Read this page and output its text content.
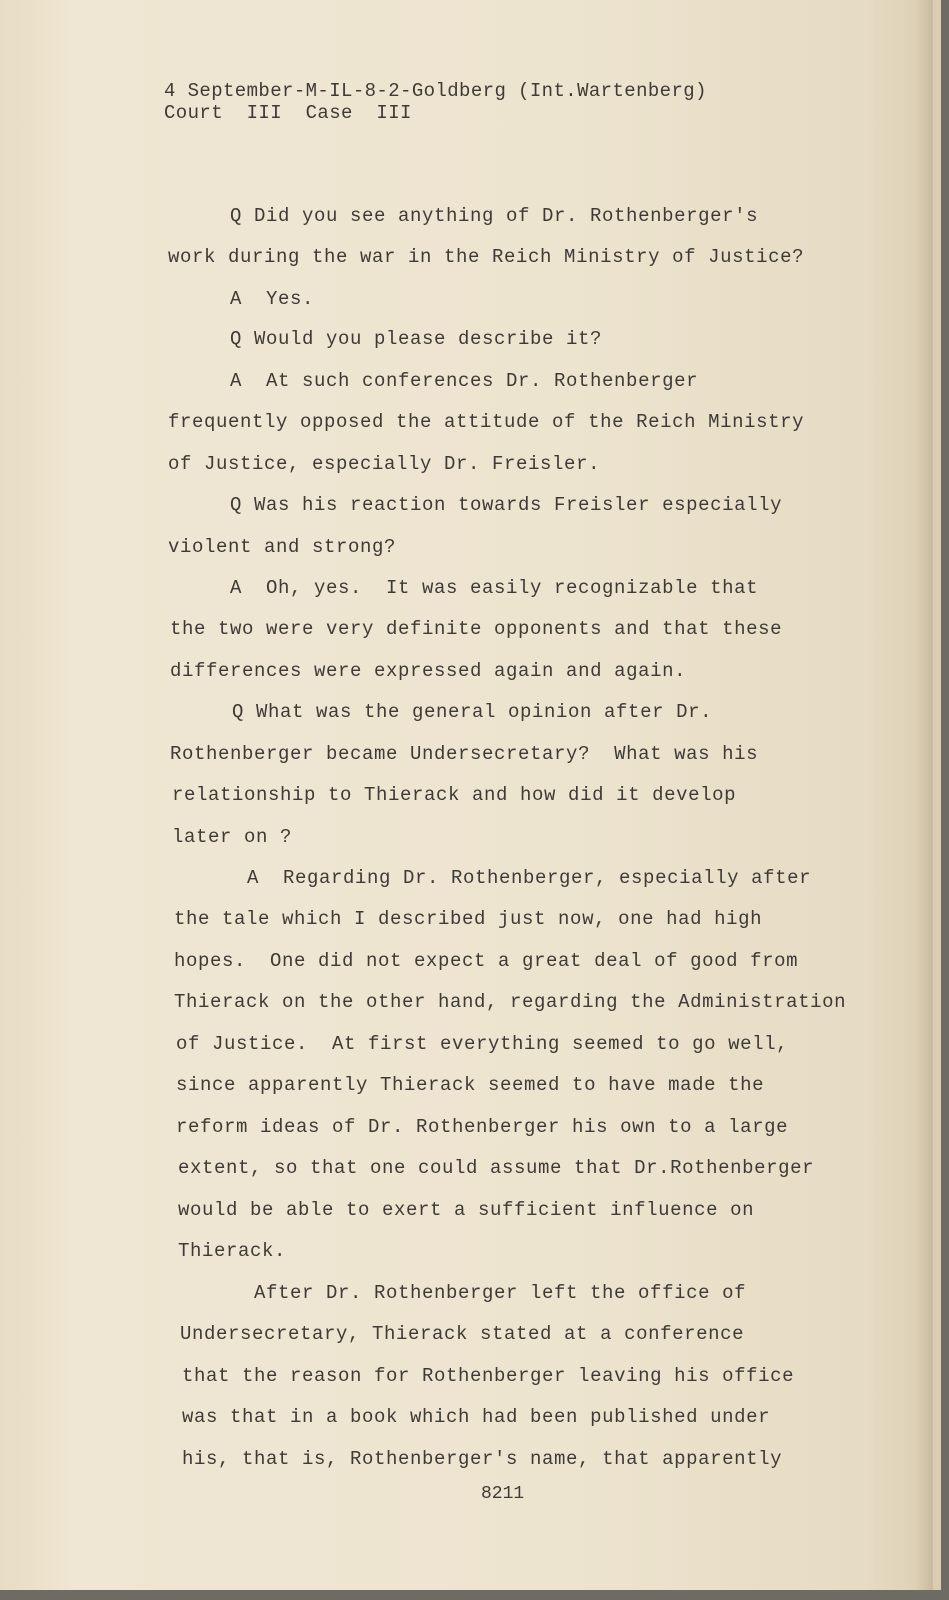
4 September-M-IL-8-2-Goldberg (Int.Wartenberg)
Court  III  Case  III
Q Did you see anything of Dr. Rothenberger's
work during the war in the Reich Ministry of Justice?
A  Yes.
Q Would you please describe it?
A  At such conferences Dr. Rothenberger
frequently opposed the attitude of the Reich Ministry
of Justice, especially Dr. Freisler.
Q Was his reaction towards Freisler especially
violent and strong?
A  Oh, yes.  It was easily recognizable that
the two were very definite opponents and that these
differences were expressed again and again.
Q What was the general opinion after Dr.
Rothenberger became Undersecretary?  What was his
relationship to Thierack and how did it develop
later on ?
A  Regarding Dr. Rothenberger, especially after
the tale which I described just now, one had high
hopes.  One did not expect a great deal of good from
Thierack on the other hand, regarding the Administration
of Justice.  At first everything seemed to go well,
since apparently Thierack seemed to have made the
reform ideas of Dr. Rothenberger his own to a large
extent, so that one could assume that Dr.Rothenberger
would be able to exert a sufficient influence on
Thierack.
After Dr. Rothenberger left the office of
Undersecretary, Thierack stated at a conference
that the reason for Rothenberger leaving his office
was that in a book which had been published under
his, that is, Rothenberger's name, that apparently
8211
